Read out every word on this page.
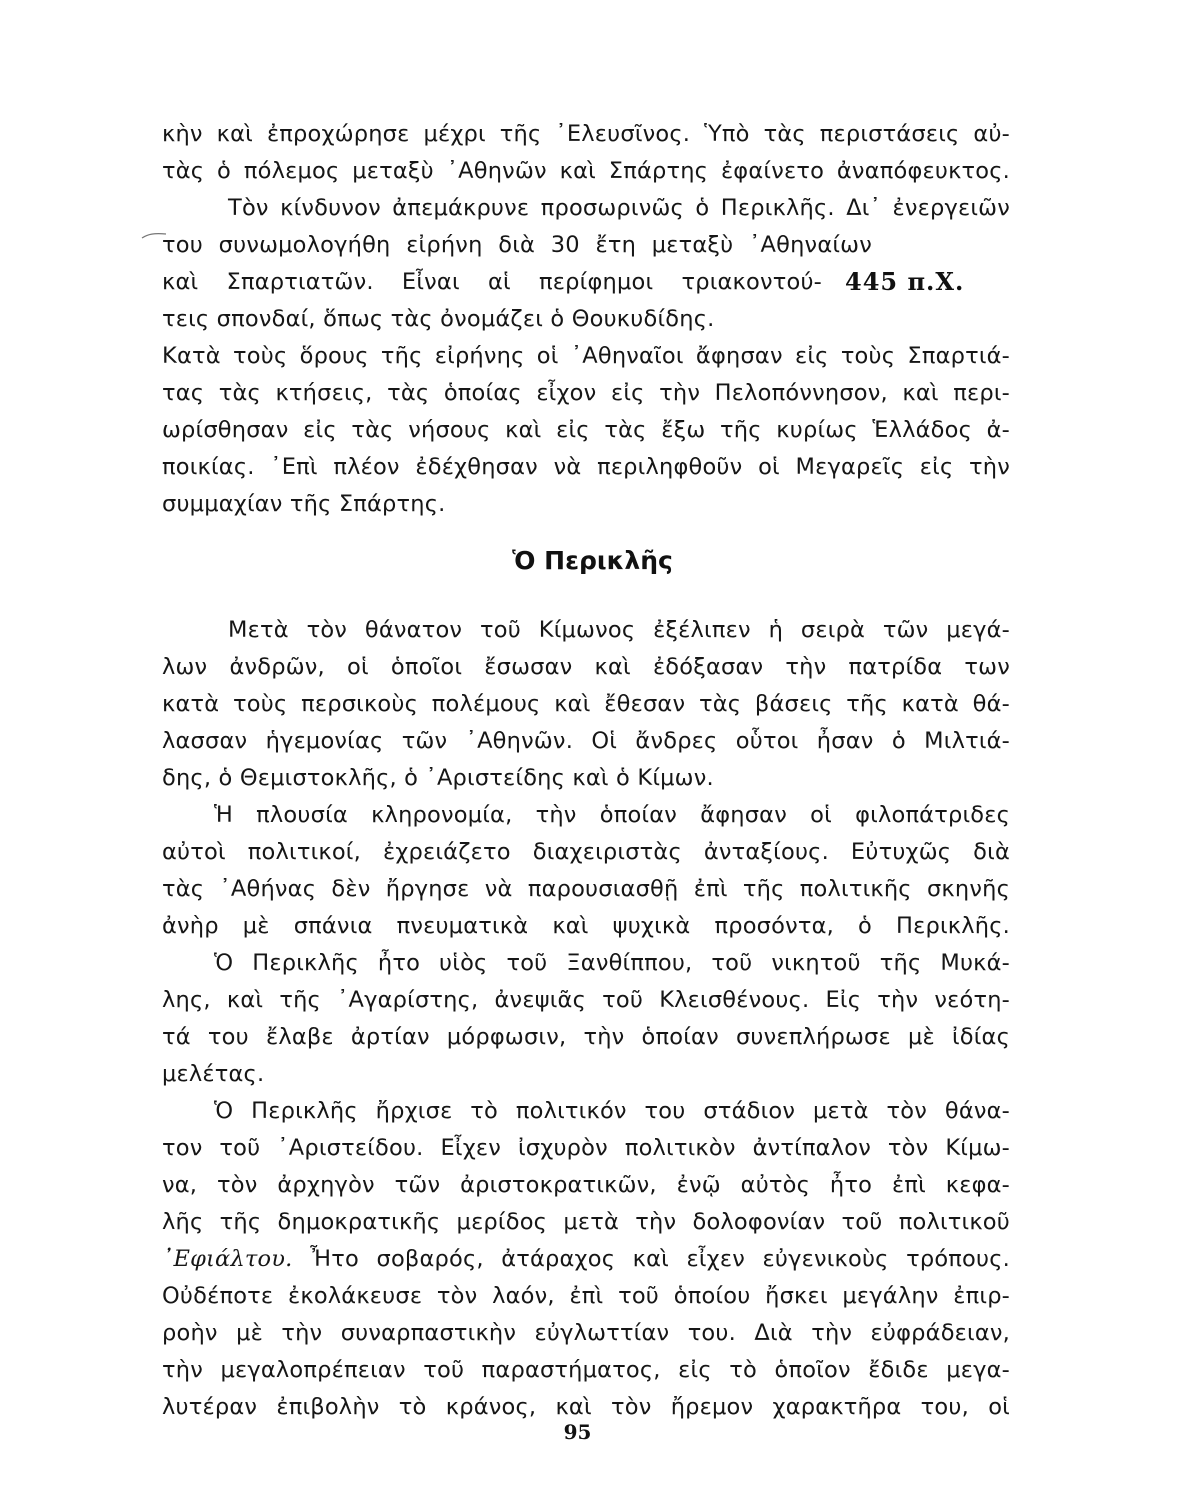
κὴν καὶ ἐπροχώρησε μέχρι τῆς ᾿Ελευσῖνος. Ὑπὸ τὰς περιστάσεις αὐ-
τὰς ὁ πόλεμος μεταξὺ ᾿Αθηνῶν καὶ Σπάρτης ἐφαίνετο ἀναπόφευκτος.
Τὸν κίνδυνον ἀπεμάκρυνε προσωρινῶς ὁ Περικλῆς. Δι᾿ ἐνεργειῶν
του συνωμολογήθη εἰρήνη διὰ 30 ἔτη μεταξὺ ᾿Αθηναίων
καὶ Σπαρτιατῶν. Εἶναι αἱ περίφημοι τριακοντού-
τεις σπονδαί, ὅπως τὰς ὀνομάζει ὁ Θουκυδίδης.
Κατὰ τοὺς ὅρους τῆς εἰρήνης οἱ ᾿Αθηναῖοι ἄφησαν εἰς τοὺς Σπαρτιά-
τας τὰς κτήσεις, τὰς ὁποίας εἶχον εἰς τὴν Πελοπόννησον, καὶ περι-
ωρίσθησαν εἰς τὰς νήσους καὶ εἰς τὰς ἔξω τῆς κυρίως Ἑλλάδος ἀ-
ποικίας. ᾿Επὶ πλέον ἐδέχθησαν νὰ περιληφθοῦν οἱ Μεγαρεῖς εἰς τὴν
συμμαχίαν τῆς Σπάρτης.
Μετὰ τὸν θάνατον τοῦ Κίμωνος ἐξέλιπεν ἡ σειρὰ τῶν μεγά-
λων ἀνδρῶν, οἱ ὁποῖοι ἔσωσαν καὶ ἐδόξασαν τὴν πατρίδα των
κατὰ τοὺς περσικοὺς πολέμους καὶ ἔθεσαν τὰς βάσεις τῆς κατὰ θά-
λασσαν ἡγεμονίας τῶν ᾿Αθηνῶν. Οἱ ἄνδρες οὗτοι ἦσαν ὁ Μιλτιά-
δης, ὁ Θεμιστοκλῆς, ὁ ᾿Αριστείδης καὶ ὁ Κίμων.
Ἡ πλουσία κληρονομία, τὴν ὁποίαν ἄφησαν οἱ φιλοπάτριδες
αὐτοὶ πολιτικοί, ἐχρειάζετο διαχειριστὰς ἀνταξίους. Εὐτυχῶς διὰ
τὰς ᾿Αθήνας δὲν ἤργησε νὰ παρουσιασθῇ ἐπὶ τῆς πολιτικῆς σκηνῆς
ἀνὴρ μὲ σπάνια πνευματικὰ καὶ ψυχικὰ προσόντα, ὁ Περικλῆς.
Ὁ Περικλῆς ἦτο υἱὸς τοῦ Ξανθίππου, τοῦ νικητοῦ τῆς Μυκά-
λης, καὶ τῆς ᾿Αγαρίστης, ἀνεψιᾶς τοῦ Κλεισθένους. Εἰς τὴν νεότη-
τά του ἔλαβε ἀρτίαν μόρφωσιν, τὴν ὁποίαν συνεπλήρωσε μὲ ἰδίας
μελέτας.
Ὁ Περικλῆς ἤρχισε τὸ πολιτικόν του στάδιον μετὰ τὸν θάνα-
τον τοῦ ᾿Αριστείδου. Εἶχεν ἰσχυρὸν πολιτικὸν ἀντίπαλον τὸν Κίμω-
να, τὸν ἀρχηγὸν τῶν ἀριστοκρατικῶν, ἐνῷ αὐτὸς ἦτο ἐπὶ κεφα-
λῆς τῆς δημοκρατικῆς μερίδος μετὰ τὴν δολοφονίαν τοῦ πολιτικοῦ
᾿Εφιάλτου. Ἦτο σοβαρός, ἀτάραχος καὶ εἶχεν εὐγενικοὺς τρόπους.
Οὐδέποτε ἐκολάκευσε τὸν λαόν, ἐπὶ τοῦ ὁποίου ἤσκει μεγάλην ἐπιρ-
ροὴν μὲ τὴν συναρπαστικὴν εὐγλωττίαν του. Διὰ τὴν εὐφράδειαν,
τὴν μεγαλοπρέπειαν τοῦ παραστήματος, εἰς τὸ ὁποῖον ἔδιδε μεγα-
λυτέραν ἐπιβολὴν τὸ κράνος, καὶ τὸν ἤρεμον χαρακτῆρα του, οἱ
445 π.Χ.
Ὁ Περικλῆς
95
